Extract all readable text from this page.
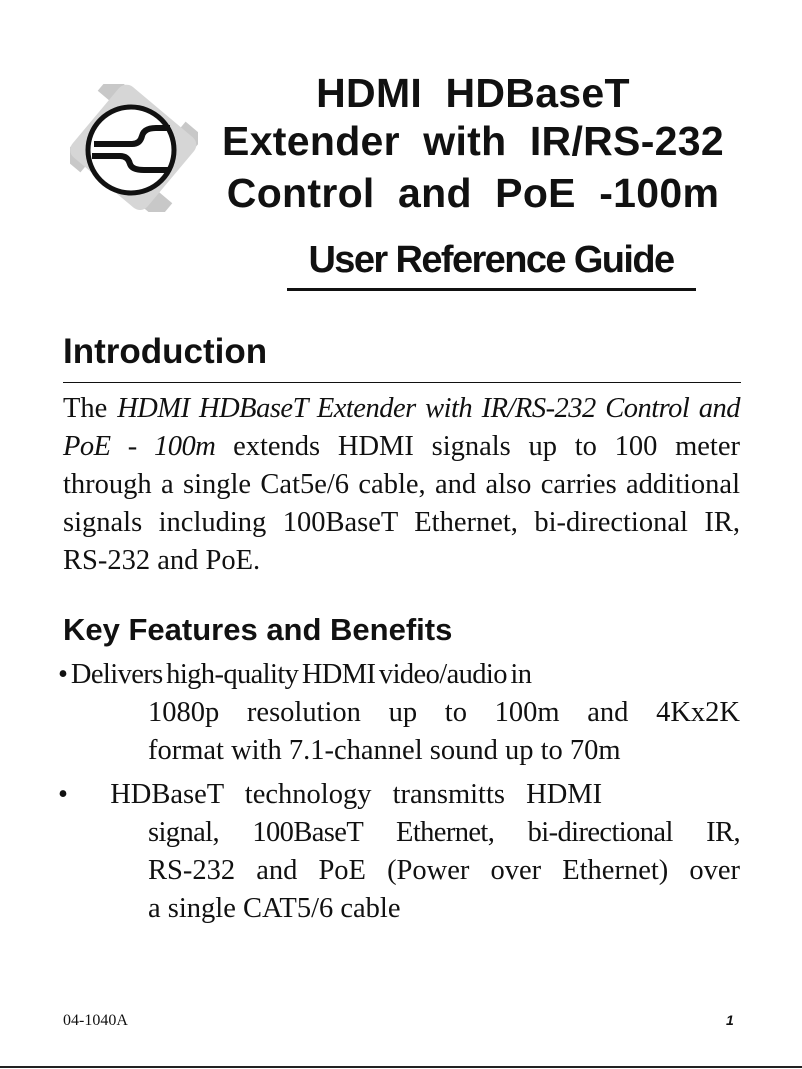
HDMI  HDBaseT
Extender  with  IR/RS-232
Control  and  PoE  -100m
User Reference Guide
Introduction
The HDMI HDBaseT Extender with IR/RS-232 Control and PoE - 100m extends HDMI signals up to 100 meter through a single Cat5e/6 cable, and also carries additional signals including 100BaseT Ethernet, bi-directional IR, RS-232 and PoE.
Key Features and Benefits
• Delivers high-quality HDMI video/audio in
1080p resolution up to 100m and 4Kx2K
format with 7.1-channel sound up to 70m
•  HDBaseT technology transmitts HDMI
signal, 100BaseT Ethernet, bi-directional IR,
RS-232 and PoE (Power over Ethernet) over
a single CAT5/6 cable
04-1040A	1
